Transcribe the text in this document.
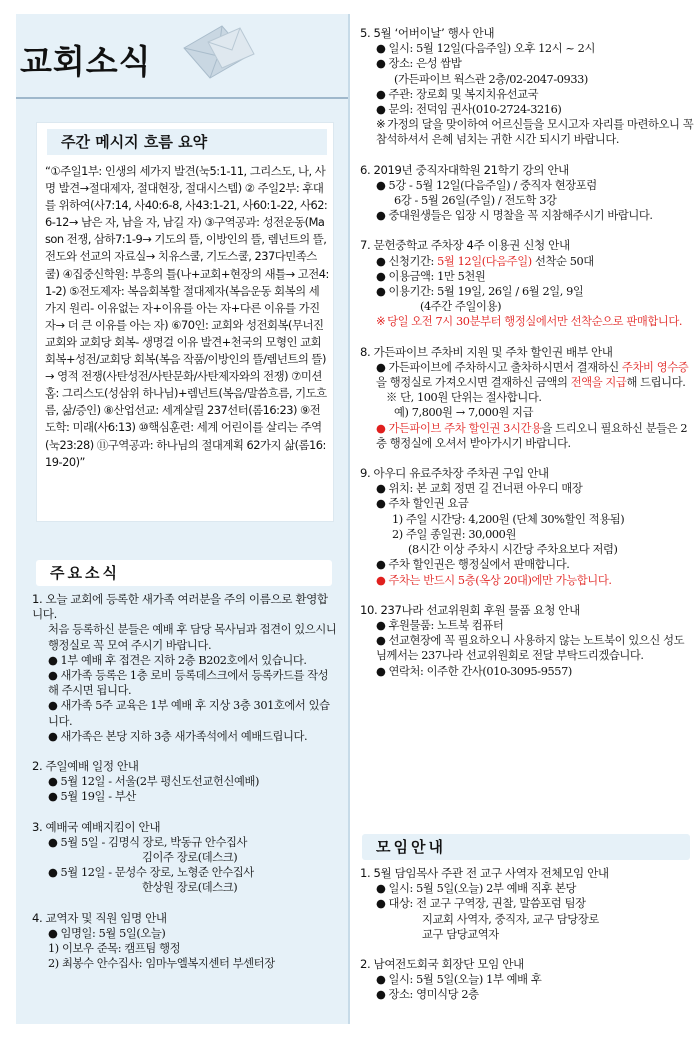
교회소식
주간 메시지 흐름 요약
“①주일1부: 인생의 세가지 발견(눅5:1-11, 그리스도, 나, 사명 발견→절대제자, 절대현장, 절대시스템) ② 주일2부: 후대를 위하여(사7:14, 사40:6-8, 사43:1-21, 사60:1-22, 사62:6-12→ 남은 자, 남을 자, 남길 자) ③구역공과: 성전운동(Mason 전쟁, 삼하7:1-9→ 기도의 뜰, 이방인의 뜰, 렘넌트의 뜰, 전도와 선교의 자료실→ 치유스쿨, 기도스쿨, 237다민족스쿨) ④집중신학원: 부흥의 틀(나+교회+현장의 새틀→ 고전4:1-2) ⑤전도제자: 복음회복할 절대제자(복음운동 회복의 세가지 원리- 이유없는 자+이유를 아는 자+다른 이유를 가진 자→ 더 큰 이유를 아는 자) ⑥70인: 교회와 성전회복(무너진 교회와 교회당 회복- 생명걸 이유 발견+천국의 모형인 교회 회복+성전/교회당 회복(복음 작품/이방인의 뜰/렘넌트의 뜰)→ 영적 전쟁(사탄성전/사탄문화/사탄제자와의 전쟁) ⑦미션홈: 그리스도(성삼위 하나님)+렘넌트(복음/말씀흐름, 기도흐름, 삶/증인) ⑧산업선교: 세계살릴 237선터(롬16:23) ⑨전도학: 미래(사6:13) ⑩핵심훈련: 세계 어린이를 살리는 주역(눅23:28) ⑪구역공과: 하나님의 절대계획 62가지 삶(롬16:19-20)”
주요소식
1. 오늘 교회에 등록한 새가족 여러분을 주의 이름으로 환영합니다.
처음 등록하신 분들은 예배 후 담당 목사님과 접견이 있으시니 행정실로 꼭 모여 주시기 바랍니다.
● 1부 예배 후 접견은 지하 2층 B202호에서 있습니다.
● 새가족 등록은 1층 로비 등록데스크에서 등록카드를 작성해 주시면 됩니다.
● 새가족 5주 교육은 1부 예배 후 지상 3층 301호에서 있습니다.
● 새가족은 본당 지하 3층 새가족석에서 예배드립니다.
2. 주일예배 일정 안내
● 5월 12일 - 서울(2부 평신도선교헌신예배)
● 5월 19일 - 부산
3. 예배국 예배지킴이 안내
● 5월 5일 - 김명식 장로, 박동규 안수집사
김이주 장로(데스크)
● 5월 12일 - 문성수 장로, 노형준 안수집사
한상원 장로(데스크)
4. 교역자 및 직원 임명 안내
● 임명일: 5월 5일(오늘)
1) 이보우 준목: 캠프팀 행정
2) 최봉수 안수집사: 임마누엘복지센터 부센터장
5. 5월 ‘어버이날’ 행사 안내
● 일시: 5월 12일(다음주일) 오후 12시 ~ 2시
● 장소: 은성 쌈밥
(가든파이브 웍스관 2층/02-2047-0933)
● 주관: 장로회 및 복지치유선교국
● 문의: 전덕임 권사(010-2724-3216)
※ 가정의 달을 맞이하여 어르신들을 모시고자 자리를 마련하오니 꼭 참석하셔서 은혜 넘치는 귀한 시간 되시기 바랍니다.
6. 2019년 중직자대학원 21학기 강의 안내
● 5강 - 5월 12일(다음주일) / 중직자 현장포럼
6강 - 5월 26일(주일) / 전도학 3강
● 중대원생들은 입장 시 명찰을 꼭 지참해주시기 바랍니다.
7. 문헌중학교 주차장 4주 이용권 신청 안내
● 신청기간: 5월 12일(다음주일) 선착순 50대
● 이용금액: 1만 5천원
● 이용기간: 5월 19일, 26일 / 6월 2일, 9일
(4주간 주일이용)
※ 당일 오전 7시 30분부터 행정실에서만 선착순으로 판매합니다.
8. 가든파이브 주차비 지원 및 주차 할인권 배부 안내
● 가든파이브에 주차하시고 출차하시면서 결재하신 주차비 영수증을 행정실로 가져오시면 결재하신 금액의 전액을 지급해 드립니다.
※ 단, 100원 단위는 절사합니다.
예) 7,800원 → 7,000원 지급
● 가든파이브 주차 할인권 3시간용을 드리오니 필요하신 분들은 2층 행정실에 오셔서 받아가시기 바랍니다.
9. 아우디 유료주차장 주차권 구입 안내
● 위치: 본 교회 정면 길 건너편 아우디 매장
● 주차 할인권 요금
1) 주일 시간당: 4,200원 (단체 30%할인 적용됨)
2) 주일 종일권: 30,000원
(8시간 이상 주차시 시간당 주차요보다 저렴)
● 주차 할인권은 행정실에서 판매합니다.
● 주차는 반드시 5층(옥상 20대)에만 가능합니다.
10. 237나라 선교위원회 후원 물품 요청 안내
● 후원물품: 노트북 컴퓨터
● 선교현장에 꼭 필요하오니 사용하지 않는 노트북이 있으신 성도님께서는 237나라 선교위원회로 전달 부탁드리겠습니다.
● 연락처: 이주한 간사(010-3095-9557)
모임안내
1. 5월 담임목사 주관 전 교구 사역자 전체모임 안내
● 일시: 5월 5일(오늘) 2부 예배 직후 본당
● 대상: 전 교구 구역장, 권찰, 말씀포럼 팀장
지교회 사역자, 중직자, 교구 담당장로
교구 담당교역자
2. 남여전도회국 회장단 모임 안내
● 일시: 5월 5일(오늘) 1부 예배 후
● 장소: 영미식당 2층
